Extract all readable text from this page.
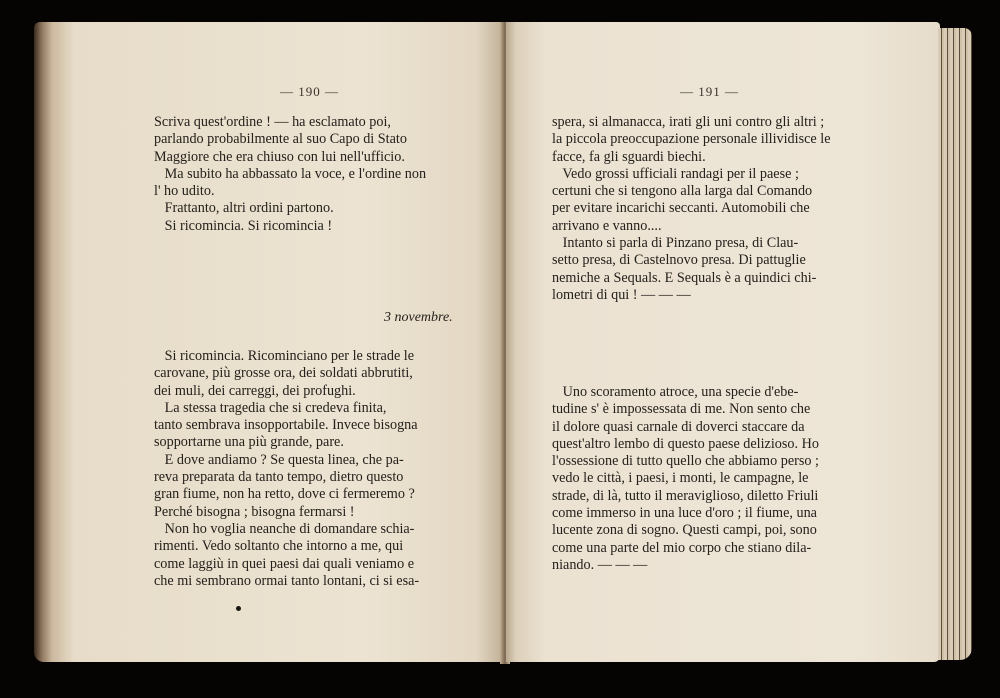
— 190 —
Scriva quest'ordine ! — ha esclamato poi,
parlando probabilmente al suo Capo di Stato
Maggiore che era chiuso con lui nell'ufficio.
Ma subito ha abbassato la voce, e l'ordine non
l' ho udito.
Frattanto, altri ordini partono.
Si ricomincia. Si ricomincia !
3 novembre.
Si ricomincia. Ricominciano per le strade le
carovane, più grosse ora, dei soldati abbrutiti,
dei muli, dei carreggi, dei profughi.
La stessa tragedia che si credeva finita,
tanto sembrava insopportabile. Invece bisogna
sopportarne una più grande, pare.
E dove andiamo ? Se questa linea, che pa-
reva preparata da tanto tempo, dietro questo
gran fiume, non ha retto, dove ci fermeremo ?
Perché bisogna ; bisogna fermarsi !
Non ho voglia neanche di domandare schia-
rimenti. Vedo soltanto che intorno a me, qui
come laggiù in quei paesi dai quali veniamo e
che mi sembrano ormai tanto lontani, ci si esa-
— 191 —
spera, si almanacca, irati gli uni contro gli altri ;
la piccola preoccupazione personale illividisce le
facce, fa gli sguardi biechi.
Vedo grossi ufficiali randagi per il paese ;
certuni che si tengono alla larga dal Comando
per evitare incarichi seccanti. Automobili che
arrivano e vanno....
Intanto si parla di Pinzano presa, di Clau-
setto presa, di Castelnovo presa. Di pattuglie
nemiche a Sequals. E Sequals è a quindici chi-
lometri di qui ! — — —
Uno scoramento atroce, una specie d'ebe-
tudine s' è impossessata di me. Non sento che
il dolore quasi carnale di doverci staccare da
quest'altro lembo di questo paese delizioso. Ho
l'ossessione di tutto quello che abbiamo perso ;
vedo le città, i paesi, i monti, le campagne, le
strade, di là, tutto il meraviglioso, diletto Friuli
come immerso in una luce d'oro ; il fiume, una
lucente zona di sogno. Questi campi, poi, sono
come una parte del mio corpo che stiano dila-
niando. — — —
